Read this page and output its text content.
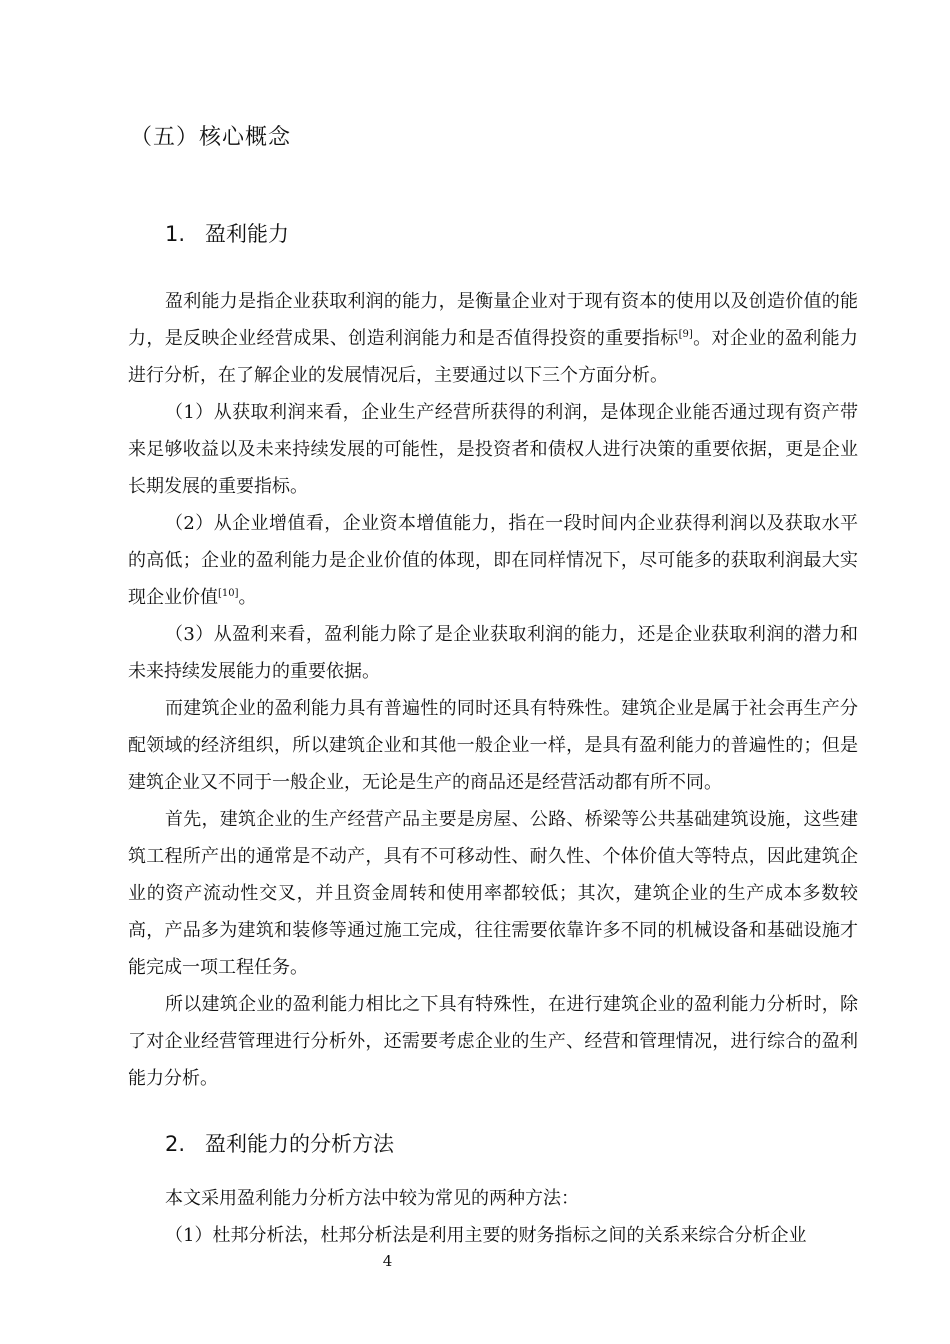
（五）核心概念
1. 盈利能力

盈利能力是指企业获取利润的能力，是衡量企业对于现有资本的使用以及创造价值的能力，是反映企业经营成果、创造利润能力和是否值得投资的重要指标[9]。对企业的盈利能力进行分析，在了解企业的发展情况后，主要通过以下三个方面分析。

（1）从获取利润来看，企业生产经营所获得的利润，是体现企业能否通过现有资产带来足够收益以及未来持续发展的可能性，是投资者和债权人进行决策的重要依据，更是企业长期发展的重要指标。

（2）从企业增值看，企业资本增值能力，指在一段时间内企业获得利润以及获取水平的高低；企业的盈利能力是企业价值的体现，即在同样情况下，尽可能多的获取利润最大实现企业价值[10]。

（3）从盈利来看，盈利能力除了是企业获取利润的能力，还是企业获取利润的潜力和未来持续发展能力的重要依据。

而建筑企业的盈利能力具有普遍性的同时还具有特殊性。建筑企业是属于社会再生产分配领域的经济组织，所以建筑企业和其他一般企业一样，是具有盈利能力的普遍性的；但是建筑企业又不同于一般企业，无论是生产的商品还是经营活动都有所不同。

首先，建筑企业的生产经营产品主要是房屋、公路、桥梁等公共基础建筑设施，这些建筑工程所产出的通常是不动产，具有不可移动性、耐久性、个体价值大等特点，因此建筑企业的资产流动性交叉，并且资金周转和使用率都较低；其次，建筑企业的生产成本多数较高，产品多为建筑和装修等通过施工完成，往往需要依靠许多不同的机械设备和基础设施才能完成一项工程任务。

所以建筑企业的盈利能力相比之下具有特殊性，在进行建筑企业的盈利能力分析时，除了对企业经营管理进行分析外，还需要考虑企业的生产、经营和管理情况，进行综合的盈利能力分析。

2. 盈利能力的分析方法

本文采用盈利能力分析方法中较为常见的两种方法：

（1）杜邦分析法，杜邦分析法是利用主要的财务指标之间的关系来综合分析企业

4
